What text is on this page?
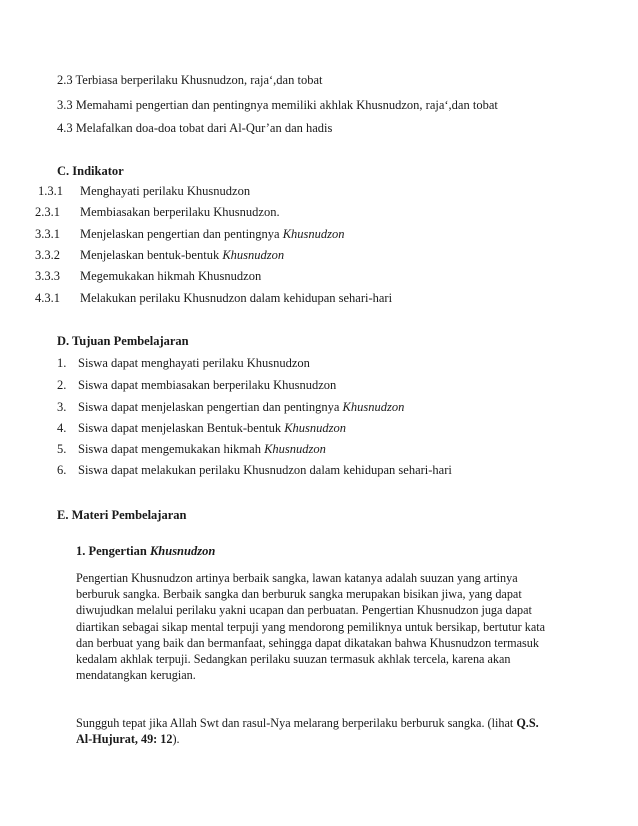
2.3 Terbiasa berperilaku Khusnudzon, raja‘,dan tobat
3.3 Memahami pengertian dan pentingnya memiliki akhlak Khusnudzon, raja‘,dan tobat
4.3 Melafalkan doa-doa tobat dari Al-Qur’an dan hadis
C. Indikator
1.3.1 Menghayati perilaku Khusnudzon
2.3.1 Membiasakan berperilaku Khusnudzon.
3.3.1 Menjelaskan pengertian dan pentingnya Khusnudzon
3.3.2 Menjelaskan bentuk-bentuk Khusnudzon
3.3.3 Megemukakan hikmah Khusnudzon
4.3.1 Melakukan perilaku Khusnudzon dalam kehidupan sehari-hari
D. Tujuan Pembelajaran
1. Siswa dapat menghayati perilaku Khusnudzon
2. Siswa dapat membiasakan berperilaku Khusnudzon
3. Siswa dapat menjelaskan pengertian dan pentingnya Khusnudzon
4. Siswa dapat menjelaskan Bentuk-bentuk Khusnudzon
5. Siswa dapat mengemukakan hikmah Khusnudzon
6. Siswa dapat melakukan perilaku Khusnudzon dalam kehidupan sehari-hari
E. Materi Pembelajaran
1. Pengertian Khusnudzon
Pengertian Khusnudzon artinya berbaik sangka, lawan katanya adalah suuzan yang artinya
berburuk sangka. Berbaik sangka dan berburuk sangka merupakan bisikan jiwa, yang dapat
diwujudkan melalui perilaku yakni ucapan dan perbuatan. Pengertian Khusnudzon juga dapat
diartikan sebagai sikap mental terpuji yang mendorong pemiliknya untuk bersikap, bertutur kata
dan berbuat yang baik dan bermanfaat, sehingga dapat dikatakan bahwa Khusnudzon termasuk
kedalam akhlak terpuji. Sedangkan perilaku suuzan termasuk akhlak tercela, karena akan
mendatangkan kerugian.
Sungguh tepat jika Allah Swt dan rasul-Nya melarang berperilaku berburuk sangka. (lihat Q.S.
Al-Hujurat, 49: 12).
